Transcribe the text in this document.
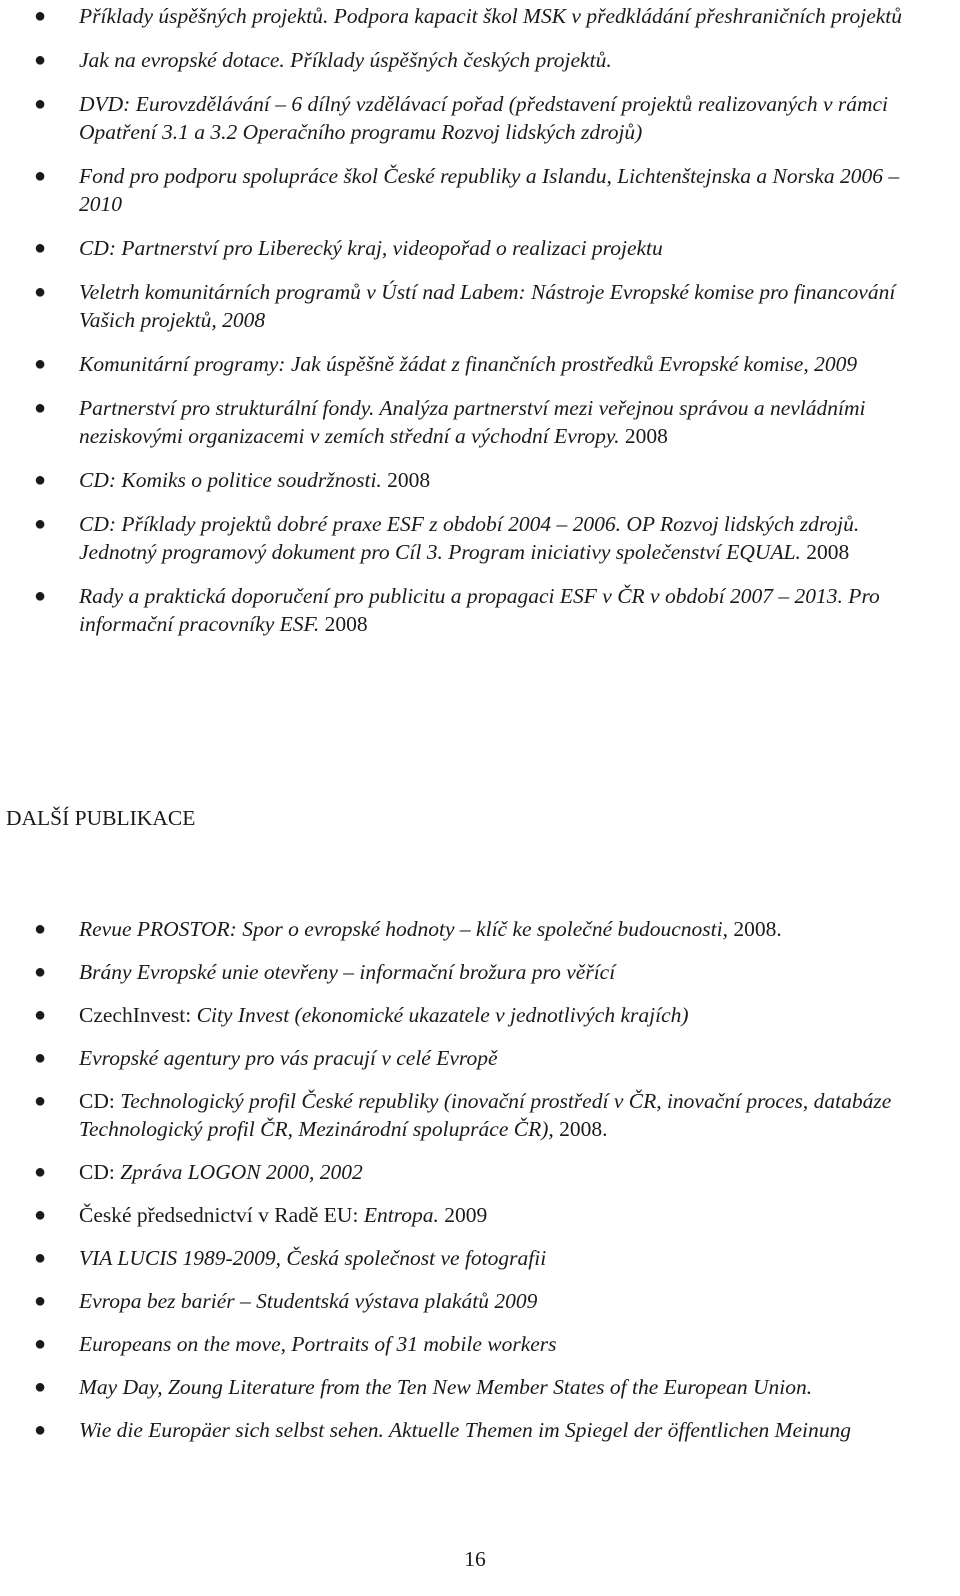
● Příklady úspěšných projektů. Podpora kapacit škol MSK v předkládání přeshraničních projektů
● Jak na evropské dotace. Příklady úspěšných českých projektů.
● DVD: Eurovzdělávání – 6 dílný vzdělávací pořad (představení projektů realizovaných v rámci Opatření 3.1 a 3.2 Operačního programu Rozvoj lidských zdrojů)
● Fond pro podporu spolupráce škol České republiky a Islandu, Lichtenštejnska a Norska 2006 – 2010
● CD: Partnerství pro Liberecký kraj, videopořad o realizaci projektu
● Veletrh komunitárních programů v Ústí nad Labem: Nástroje Evropské komise pro financování Vašich projektů, 2008
● Komunitární programy: Jak úspěšně žádat z finančních prostředků Evropské komise, 2009
● Partnerství pro strukturální fondy. Analýza partnerství mezi veřejnou správou a nevládními neziskovými organizacemi v zemích střední a východní Evropy. 2008
● CD: Komiks o politice soudržnosti. 2008
● CD: Příklady projektů dobré praxe ESF z období 2004 – 2006. OP Rozvoj lidských zdrojů. Jednotný programový dokument pro Cíl 3. Program iniciativy společenství EQUAL. 2008
● Rady a praktická doporučení pro publicitu a propagaci ESF v ČR v období 2007 – 2013. Pro informační pracovníky ESF. 2008
DALŠÍ PUBLIKACE
● Revue PROSTOR: Spor o evropské hodnoty – klíč ke společné budoucnosti, 2008.
● Brány Evropské unie otevřeny – informační brožura pro věřící
● CzechInvest: City Invest (ekonomické ukazatele v jednotlivých krajích)
● Evropské agentury pro vás pracují v celé Evropě
● CD: Technologický profil České republiky (inovační prostředí v ČR, inovační proces, databáze Technologický profil ČR, Mezinárodní spolupráce ČR), 2008.
● CD: Zpráva LOGON 2000, 2002
● České předsednictví v Radě EU: Entropa. 2009
● VIA LUCIS 1989-2009, Česká společnost ve fotografii
● Evropa bez bariér – Studentská výstava plakátů 2009
● Europeans on the move, Portraits of 31 mobile workers
● May Day, Zoung Literature from the Ten New Member States of the European Union.
● Wie die Europäer sich selbst sehen. Aktuelle Themen im Spiegel der öffentlichen Meinung
16
